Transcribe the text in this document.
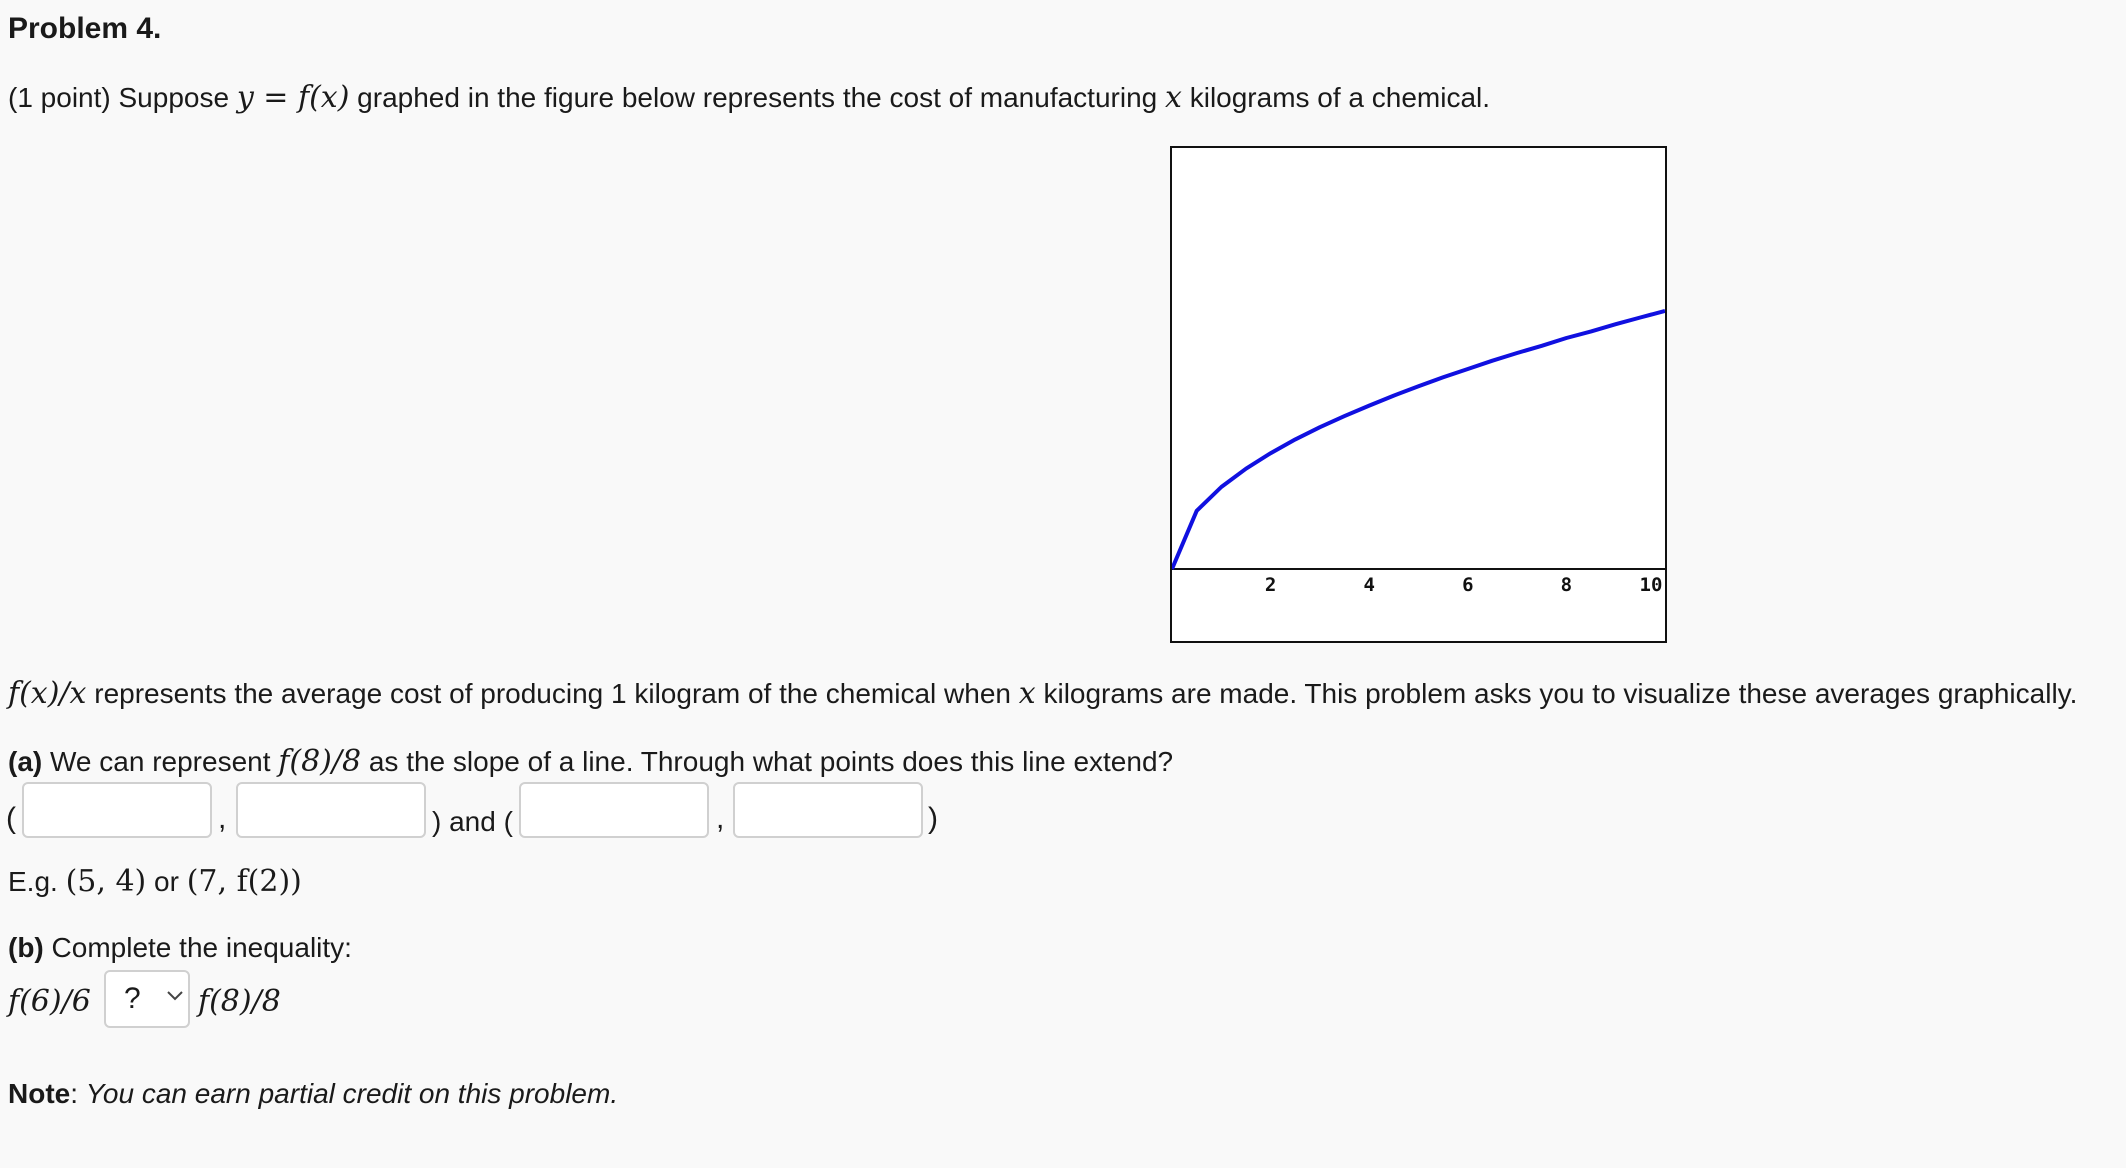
Problem 4.
(1 point) Suppose y = f(x) graphed in the figure below represents the cost of manufacturing x kilograms of a chemical.
2	4	6	8	10
f(x)/x represents the average cost of producing 1 kilogram of the chemical when x kilograms are made. This problem asks you to visualize these averages graphically.
(a) We can represent f(8)/8 as the slope of a line. Through what points does this line extend?
(	,	) and (	,	)
E.g. (5, 4) or (7, f(2))
(b) Complete the inequality:
f(6)/6 ? f(8)/8
Note: You can earn partial credit on this problem.
